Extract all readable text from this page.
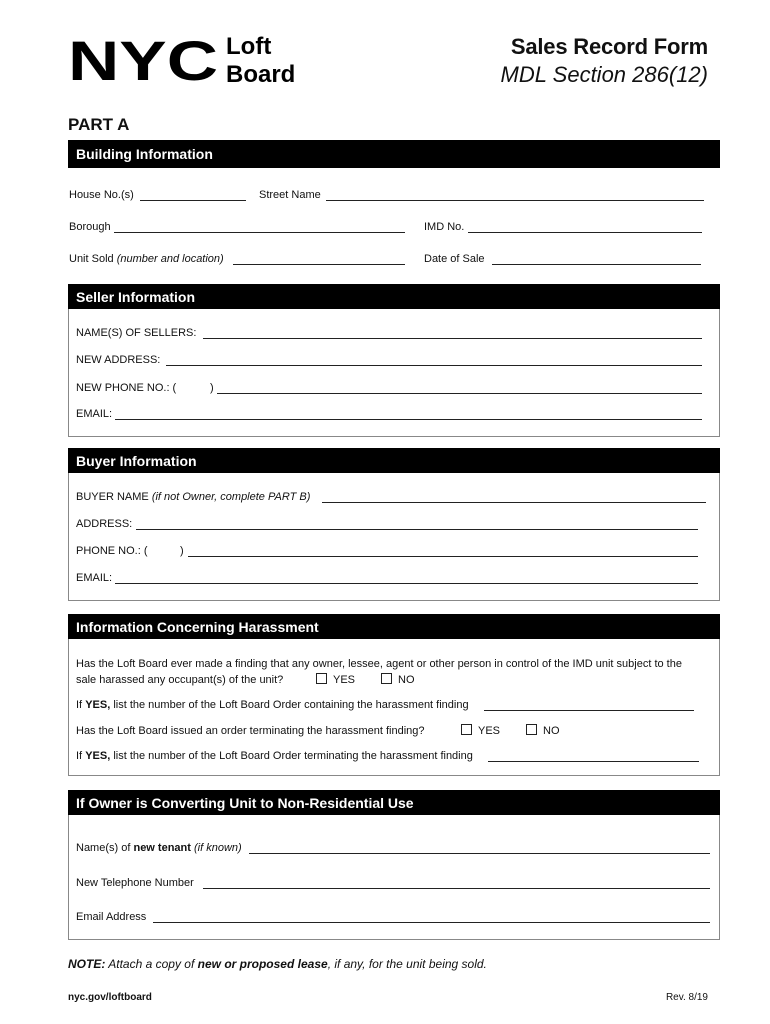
NYC Loft
Board
Sales Record Form
MDL Section 286(12)
PART A
Building Information
House No.(s)	Street Name
Borough	IMD No.
Unit Sold (number and location)	Date of Sale
Seller Information
NAME(S) OF SELLERS:
NEW ADDRESS:
NEW PHONE NO.: (	)
EMAIL:
Buyer Information
BUYER NAME (if not Owner, complete PART B)
ADDRESS:
PHONE NO.: (	)
EMAIL:
Information Concerning Harassment
Has the Loft Board ever made a finding that any owner, lessee, agent or other person in control of the IMD unit subject to the
sale harassed any occupant(s) of the unit?	YES	NO
If YES, list the number of the Loft Board Order containing the harassment finding
Has the Loft Board issued an order terminating the harassment finding?	YES	NO
If YES, list the number of the Loft Board Order terminating the harassment finding
If Owner is Converting Unit to Non-Residential Use
Name(s) of new tenant (if known)
New Telephone Number
Email Address
NOTE: Attach a copy of new or proposed lease, if any, for the unit being sold.
nyc.gov/loftboard	Rev. 8/19
